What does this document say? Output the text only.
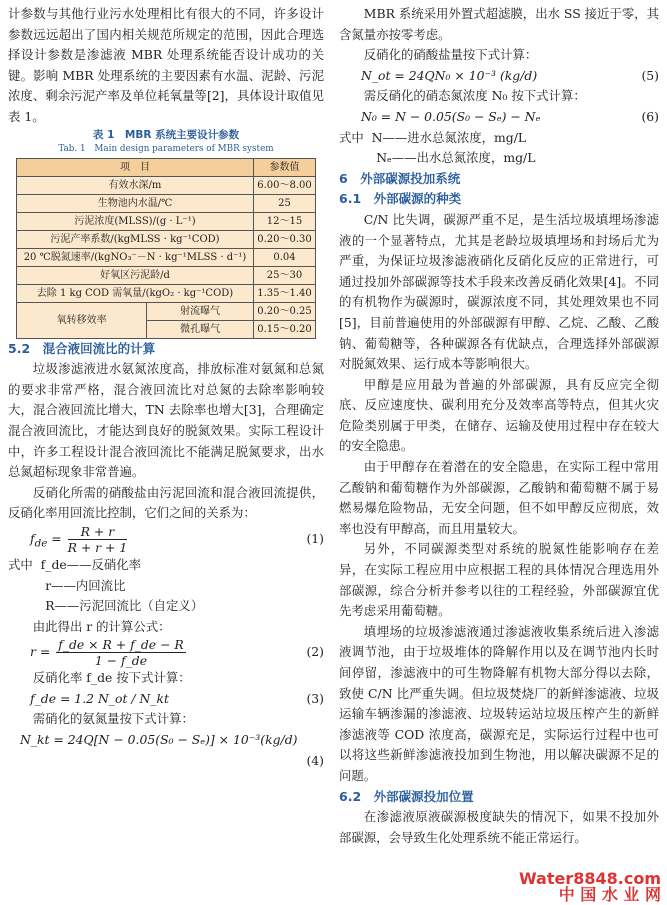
计参数与其他行业污水处理相比有很大的不同，许多设计参数远远超出了国内相关规范所规定的范围，因此合理选择设计参数是渗滤液 MBR 处理系统能否设计成功的关键。影响 MBR 处理系统的主要因素有水温、泥龄、污泥浓度、剩余污泥产率及单位耗氧量等[2]，具体设计取值见表 1。

表 1　MBR 系统主要设计参数
Tab. 1　Main design parameters of MBR system
项　目		参数值
有效水深/m		6.00～8.00
生物池内水温/℃		25
污泥浓度(MLSS)/(g · L⁻¹)		12～15
污泥产率系数/(kgMLSS · kg⁻¹COD)		0.20～0.30
20 ℃脱氮速率/(kgNO₃⁻－N · kg⁻¹MLSS · d⁻¹)		0.04
好氧区污泥龄/d		25～30
去除 1 kg COD 需氧量/(kgO₂ · kg⁻¹COD)		1.35～1.40
氧转移效率	射流曝气	0.20～0.25
	微孔曝气	0.15～0.20
5.2　混合液回流比的计算

垃圾渗滤液进水氨氮浓度高，排放标准对氨氮和总氮的要求非常严格，混合液回流比对总氮的去除率影响较大，混合液回流比增大，TN 去除率也增大[3]，合理确定混合液回流比，才能达到良好的脱氮效果。实际工程设计中，许多工程设计混合液回流比不能满足脱氮要求，出水总氮超标现象非常普遍。

反硝化所需的硝酸盐由污泥回流和混合液回流提供，反硝化率用回流比控制，它们之间的关系为：

$f_{de} = \frac{R + r}{R + r + 1}$	(1)
式中 f_de——反硝化率
r——内回流比
R——污泥回流比（自定义）

由此得出 r 的计算公式：

$r = \frac{f\_de \times R + f\_de - R}{1 - f\_de}$	(2)

反硝化率 f_de 按下式计算：

f_de = 1.2 N_ot / N_kt	(3)

需硝化的氨氮量按下式计算：

N_kt = 24Q[N − 0.05(S₀ − Sₑ)] × 10⁻³(kg/d)
(4)

MBR 系统采用外置式超滤膜，出水 SS 接近于零，其含氮量亦按零考虑。

反硝化的硝酸盐量按下式计算：

N_ot = 24QN₀ × 10⁻³ (kg/d)	(5)

需反硝化的硝态氮浓度 N₀ 按下式计算：

N₀ = N − 0.05(S₀ − Sₑ) − Nₑ	(6)
式中 N——进水总氮浓度，mg/L
Nₑ——出水总氮浓度，mg/L
6　外部碳源投加系统
6.1　外部碳源的种类

C/N 比失调，碳源严重不足，是生活垃圾填埋场渗滤液的一个显著特点，尤其是老龄垃圾填埋场和封场后尤为严重，为保证垃圾渗滤液硝化反硝化反应的正常进行，可通过投加外部碳源等技术手段来改善反硝化效果[4]。不同的有机物作为碳源时，碳源浓度不同，其处理效果也不同[5]，目前普遍使用的外部碳源有甲醇、乙烷、乙酸、乙酸钠、葡萄糖等，各种碳源各有优缺点，合理选择外部碳源对脱氮效果、运行成本等影响很大。

甲醇是应用最为普遍的外部碳源，具有反应完全彻底、反应速度快、碳利用充分及效率高等特点，但其火灾危险类别属于甲类，在储存、运输及使用过程中存在较大的安全隐患。

由于甲醇存在着潜在的安全隐患，在实际工程中常用乙酸钠和葡萄糖作为外部碳源，乙酸钠和葡萄糖不属于易燃易爆危险物品，无安全问题，但不如甲醇反应彻底，效率也没有甲醇高，而且用量较大。

另外，不同碳源类型对系统的脱氮性能影响存在差异，在实际工程应用中应根据工程的具体情况合理选用外部碳源，综合分析并参考以往的工程经验，外部碳源宜优先考虑采用葡萄糖。

填埋场的垃圾渗滤液通过渗滤液收集系统后进入渗滤液调节池，由于垃圾堆体的降解作用以及在调节池内长时间停留，渗滤液中的可生物降解有机物大部分得以去除，致使 C/N 比严重失调。但垃圾焚烧厂的新鲜渗滤液、垃圾运输车辆渗漏的渗滤液、垃圾转运站垃圾压榨产生的新鲜渗滤液等 COD 浓度高，碳源充足，实际运行过程中也可以将这些新鲜渗滤液投加到生物池，用以解决碳源不足的问题。

6.2　外部碳源投加位置

在渗滤液原液碳源极度缺失的情况下，如果不投加外部碳源，会导致生化处理系统不能正常运行。

Water8848.com
中 国 水 业 网
